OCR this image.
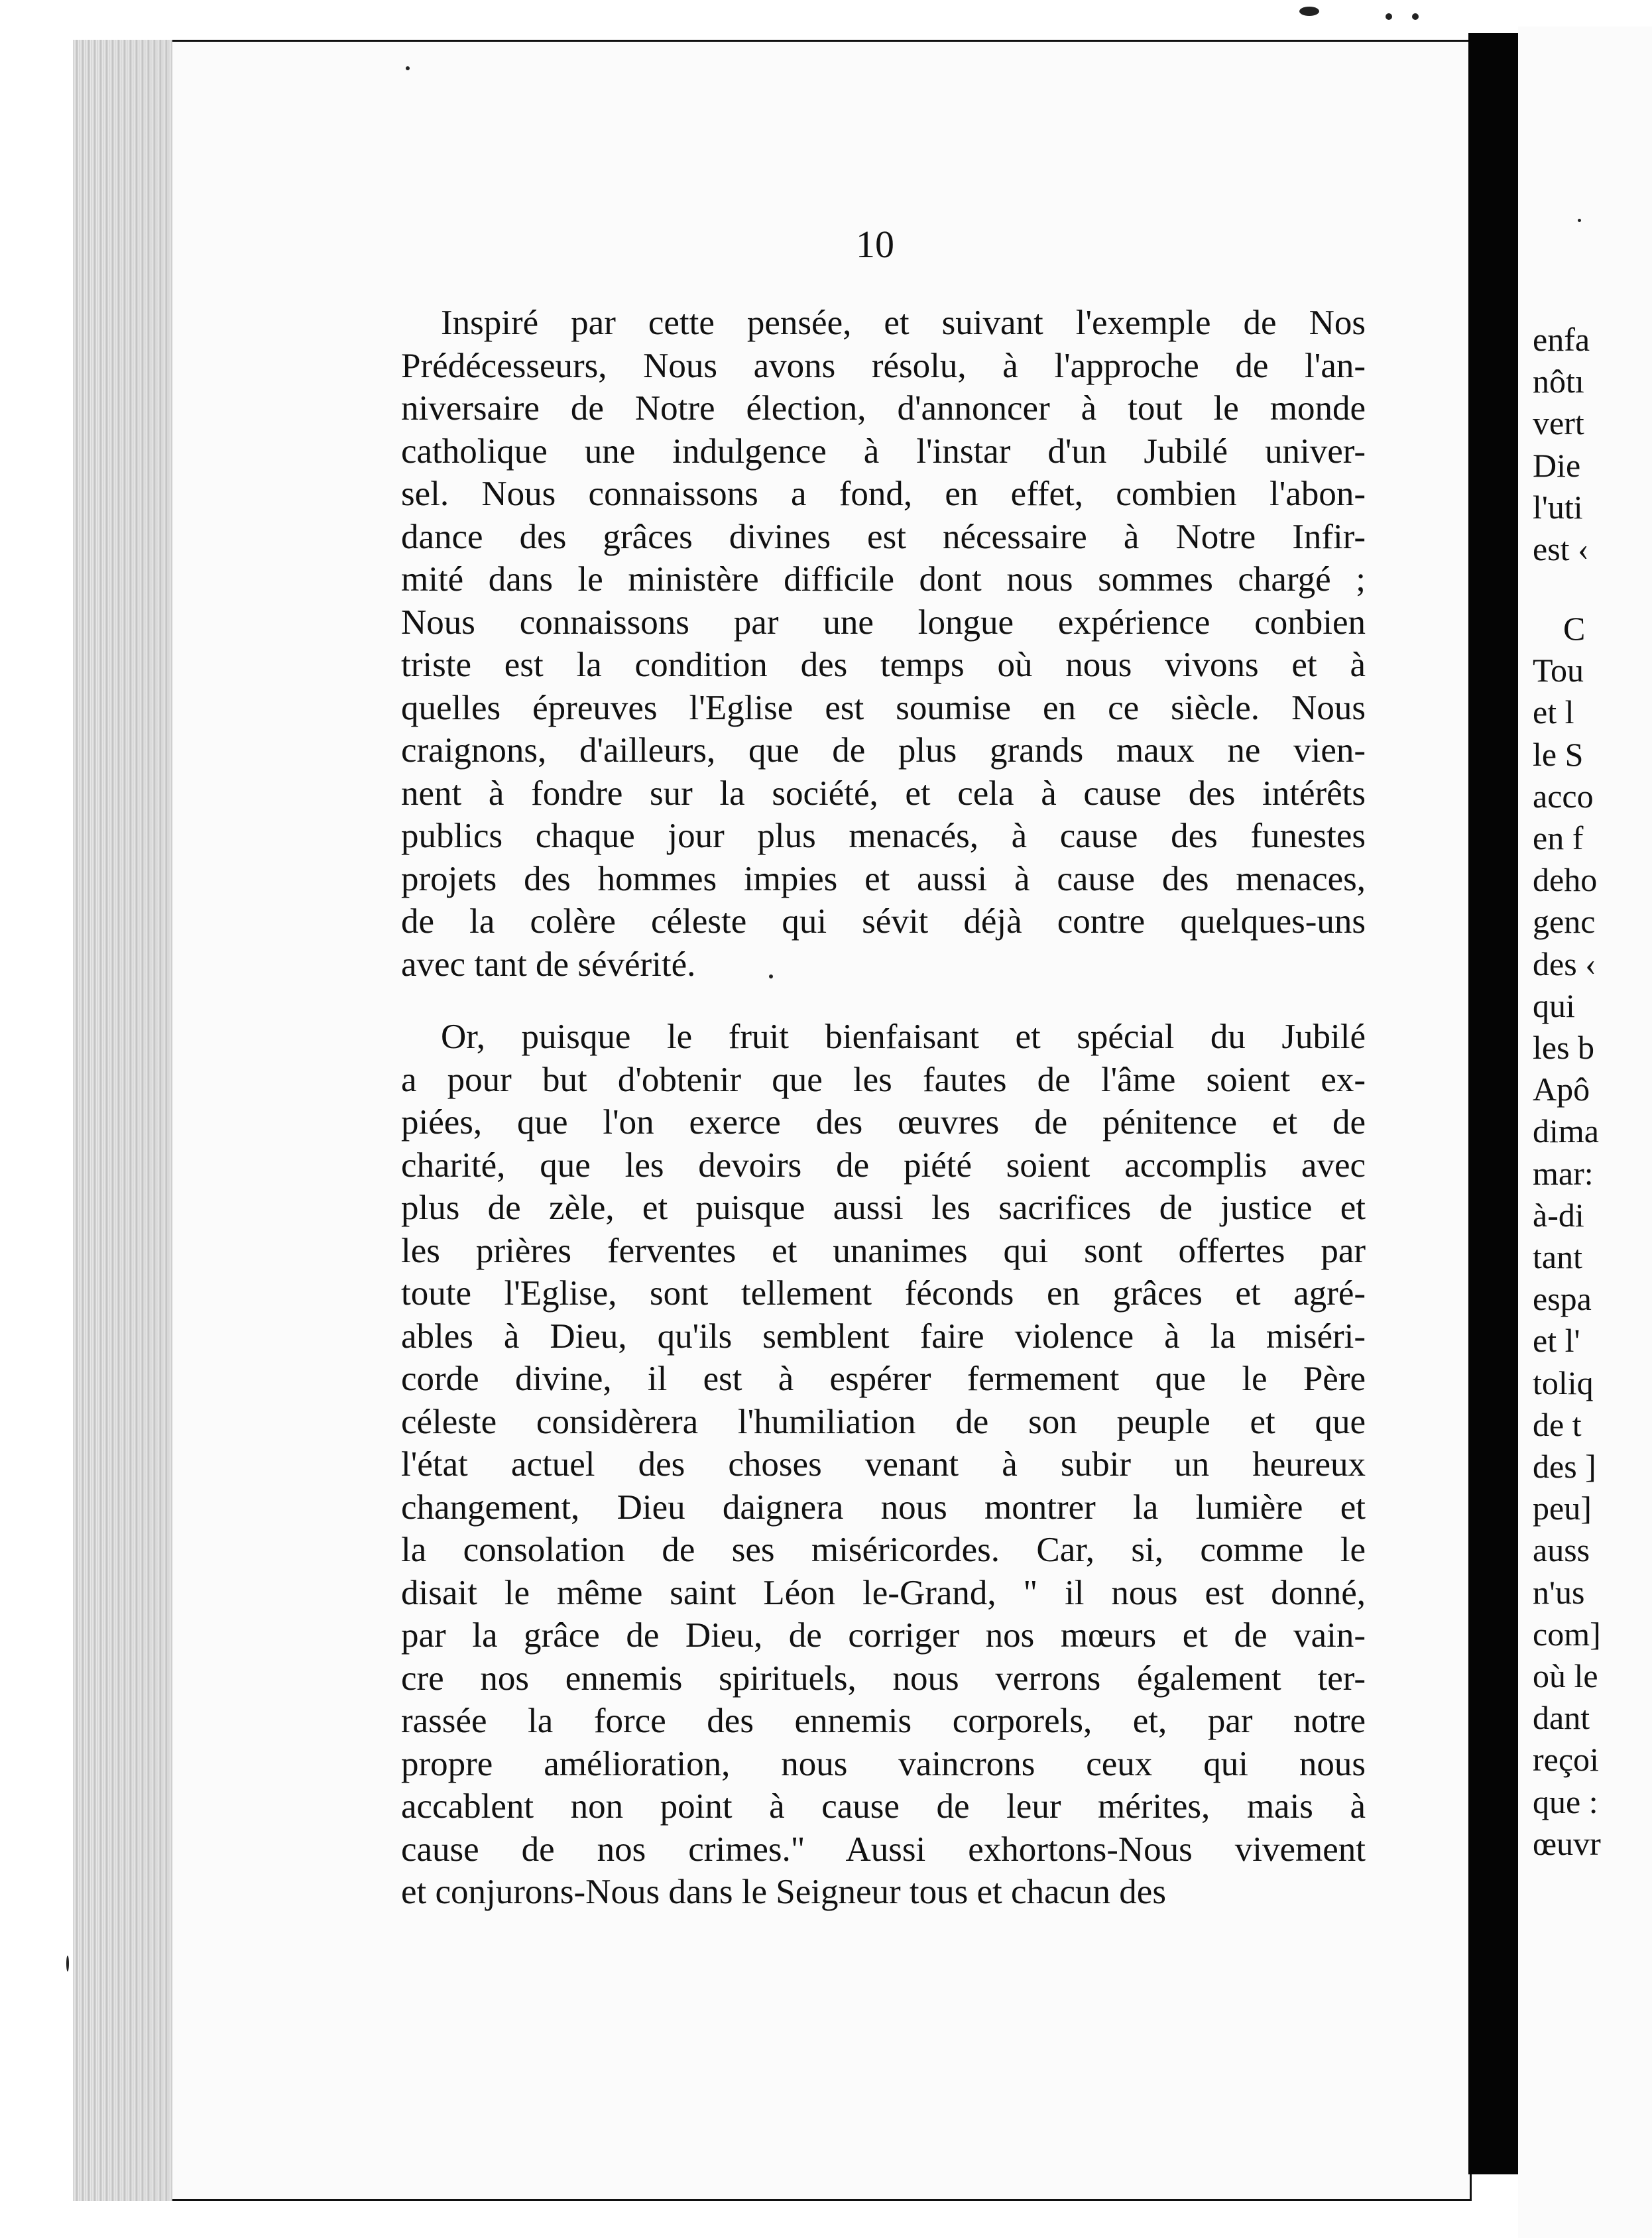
10
Inspiré par cette pensée, et suivant l'exemple de Nos
Prédécesseurs, Nous avons résolu, à l'approche de l'an-
niversaire de Notre élection, d'annoncer à tout le monde
catholique une indulgence à l'instar d'un Jubilé univer-
sel. Nous connaissons a fond, en effet, combien l'abon-
dance des grâces divines est nécessaire à Notre Infir-
mité dans le ministère difficile dont nous sommes chargé ;
Nous connaissons par une longue expérience conbien
triste est la condition des temps où nous vivons et à
quelles épreuves l'Eglise est soumise en ce siècle. Nous
craignons, d'ailleurs, que de plus grands maux ne vien-
nent à fondre sur la société, et cela à cause des intérêts
publics chaque jour plus menacés, à cause des funestes
projets des hommes impies et aussi à cause des menaces,
de la colère céleste qui sévit déjà contre quelques-uns
avec tant de sévérité.
Or, puisque le fruit bienfaisant et spécial du Jubilé
a pour but d'obtenir que les fautes de l'âme soient ex-
piées, que l'on exerce des œuvres de pénitence et de
charité, que les devoirs de piété soient accomplis avec
plus de zèle, et puisque aussi les sacrifices de justice et
les prières ferventes et unanimes qui sont offertes par
toute l'Eglise, sont tellement féconds en grâces et agré-
ables à Dieu, qu'ils semblent faire violence à la miséri-
corde divine, il est à espérer fermement que le Père
céleste considèrera l'humiliation de son peuple et que
l'état actuel des choses venant à subir un heureux
changement, Dieu daignera nous montrer la lumière et
la consolation de ses miséricordes. Car, si, comme le
disait le même saint Léon le-Grand, " il nous est donné,
par la grâce de Dieu, de corriger nos mœurs et de vain-
cre nos ennemis spirituels, nous verrons également ter-
rassée la force des ennemis corporels, et, par notre
propre amélioration, nous vaincrons ceux qui nous
accablent non point à cause de leur mérites, mais à
cause de nos crimes." Aussi exhortons-Nous vivement
et conjurons-Nous dans le Seigneur tous et chacun des
enfa
nôtı
vert
Die
l'uti
est ‹
C
Tou
et l
le S
acco
en f
deho
genc
des ‹
qui
les b
Apô
dima
mar:
à-di
tant
espa
et l'
toliq
de t
des ]
peu]
auss
n'us
com]
où le
dant
reçoi
que :
œuvr
